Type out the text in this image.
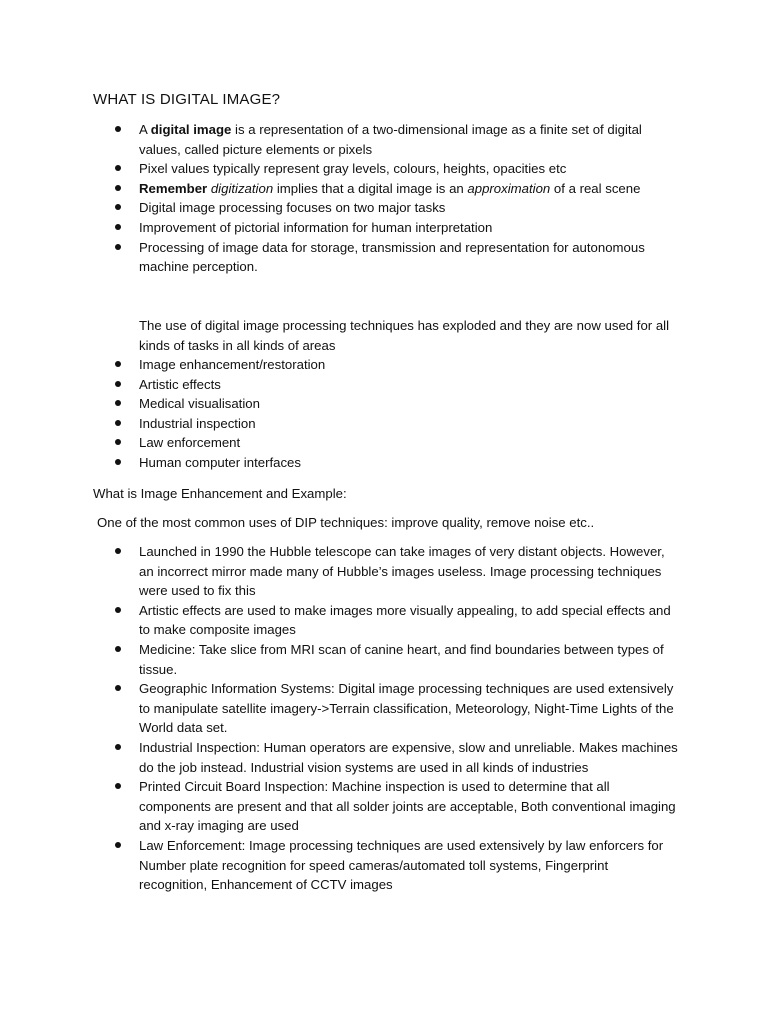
WHAT IS DIGITAL IMAGE?
A digital image is a representation of a two-dimensional image as a finite set of digital values, called picture elements or pixels
Pixel values typically represent gray levels, colours, heights, opacities etc
Remember digitization implies that a digital image is an approximation of a real scene
Digital image processing focuses on two major tasks
Improvement of pictorial information for human interpretation
Processing of image data for storage, transmission and representation for autonomous machine perception.

The use of digital image processing techniques has exploded and they are now used for all kinds of tasks in all kinds of areas

Image enhancement/restoration
Artistic effects
Medical visualisation
Industrial inspection
Law enforcement
Human computer interfaces

What is Image Enhancement and Example:

One of the most common uses of DIP techniques: improve quality, remove noise etc..

Launched in 1990 the Hubble telescope can take images of very distant objects. However, an incorrect mirror made many of Hubble’s images useless. Image processing techniques were used to fix this
Artistic effects are used to make images more visually appealing, to add special effects and to make composite images
Medicine: Take slice from MRI scan of canine heart, and find boundaries between types of tissue.
Geographic Information Systems: Digital image processing techniques are used extensively to manipulate satellite imagery->Terrain classification, Meteorology, Night-Time Lights of the World data set.
Industrial Inspection: Human operators are expensive, slow and unreliable. Makes machines do the job instead. Industrial vision systems are used in all kinds of industries
Printed Circuit Board Inspection: Machine inspection is used to determine that all components are present and that all solder joints are acceptable, Both conventional imaging and x-ray imaging are used
Law Enforcement: Image processing techniques are used extensively by law enforcers for Number plate recognition for speed cameras/automated toll systems, Fingerprint recognition, Enhancement of CCTV images
